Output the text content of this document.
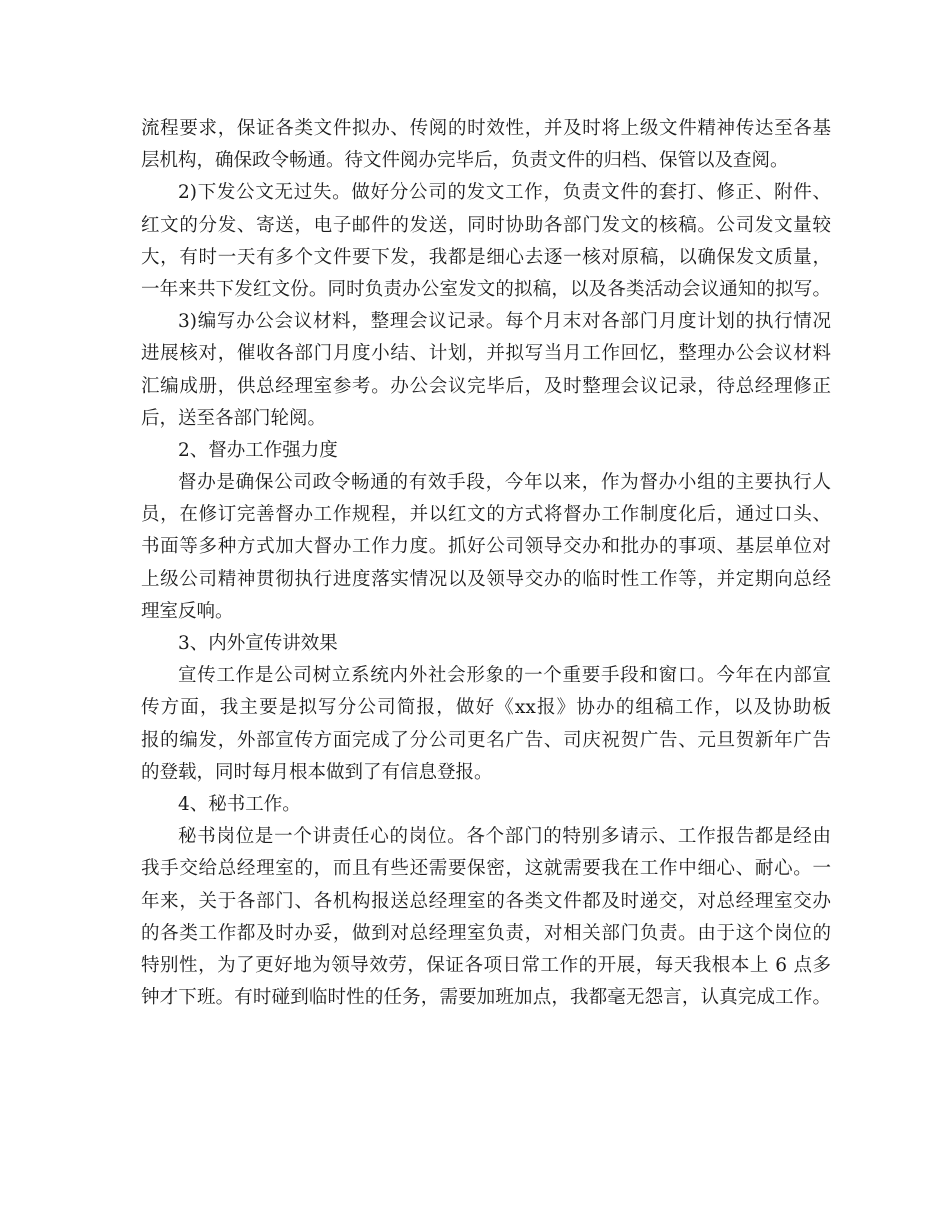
流程要求，保证各类文件拟办、传阅的时效性，并及时将上级文件精神传达至各基
层机构，确保政令畅通。待文件阅办完毕后，负责文件的归档、保管以及查阅。
2)下发公文无过失。做好分公司的发文工作，负责文件的套打、修正、附件、
红文的分发、寄送，电子邮件的发送，同时协助各部门发文的核稿。公司发文量较
大，有时一天有多个文件要下发，我都是细心去逐一核对原稿，以确保发文质量，
一年来共下发红文份。同时负责办公室发文的拟稿，以及各类活动会议通知的拟写。
3)编写办公会议材料，整理会议记录。每个月末对各部门月度计划的执行情况
进展核对，催收各部门月度小结、计划，并拟写当月工作回忆，整理办公会议材料
汇编成册，供总经理室参考。办公会议完毕后，及时整理会议记录，待总经理修正
后，送至各部门轮阅。
2、督办工作强力度
督办是确保公司政令畅通的有效手段，今年以来，作为督办小组的主要执行人
员，在修订完善督办工作规程，并以红文的方式将督办工作制度化后，通过口头、
书面等多种方式加大督办工作力度。抓好公司领导交办和批办的事项、基层单位对
上级公司精神贯彻执行进度落实情况以及领导交办的临时性工作等，并定期向总经
理室反响。
3、内外宣传讲效果
宣传工作是公司树立系统内外社会形象的一个重要手段和窗口。今年在内部宣
传方面，我主要是拟写分公司简报，做好《xx报》协办的组稿工作，以及协助板
报的编发，外部宣传方面完成了分公司更名广告、司庆祝贺广告、元旦贺新年广告
的登载，同时每月根本做到了有信息登报。
4、秘书工作。
秘书岗位是一个讲责任心的岗位。各个部门的特别多请示、工作报告都是经由
我手交给总经理室的，而且有些还需要保密，这就需要我在工作中细心、耐心。一
年来，关于各部门、各机构报送总经理室的各类文件都及时递交，对总经理室交办
的各类工作都及时办妥，做到对总经理室负责，对相关部门负责。由于这个岗位的
特别性，为了更好地为领导效劳，保证各项日常工作的开展，每天我根本上 6 点多
钟才下班。有时碰到临时性的任务，需要加班加点，我都毫无怨言，认真完成工作。
